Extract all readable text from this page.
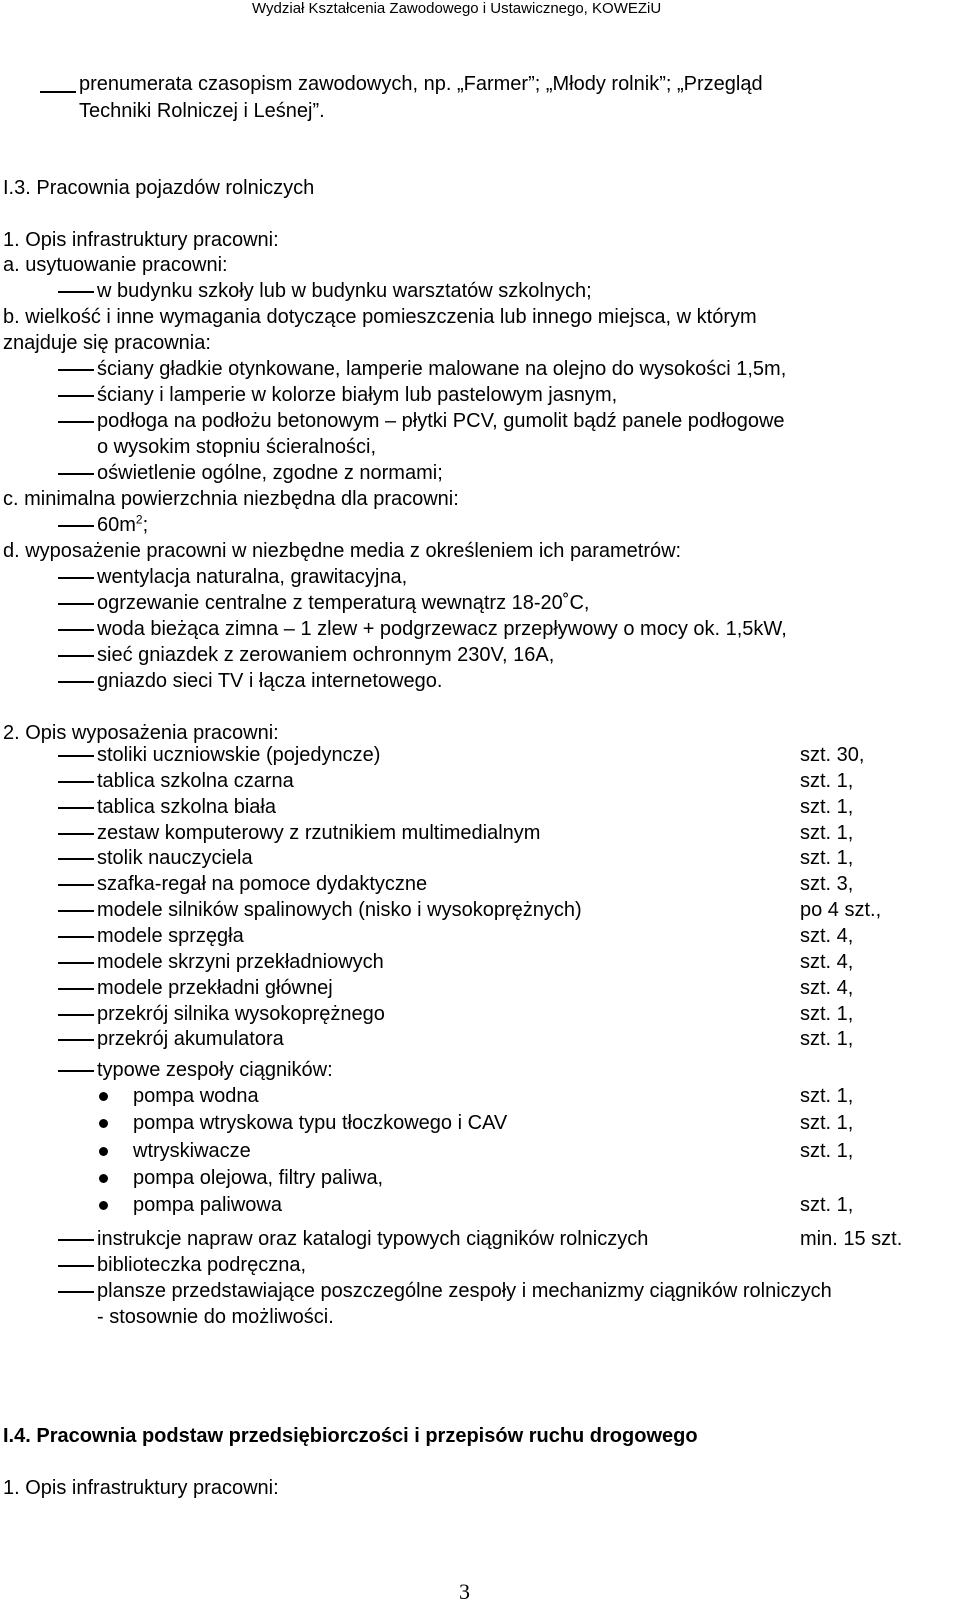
Wydział Kształcenia Zawodowego i Ustawicznego, KOWEZiU
prenumerata czasopism zawodowych, np. „Farmer”; „Młody rolnik”; „Przegląd
Techniki Rolniczej i Leśnej”.
I.3. Pracownia pojazdów rolniczych
1. Opis infrastruktury pracowni:
a. usytuowanie pracowni:
w budynku szkoły lub w budynku warsztatów szkolnych;
b. wielkość i inne wymagania dotyczące pomieszczenia lub innego miejsca, w którym
znajduje się pracownia:
ściany gładkie otynkowane, lamperie malowane na olejno do wysokości 1,5m,
ściany i lamperie w kolorze białym lub pastelowym jasnym,
podłoga na podłożu betonowym – płytki PCV, gumolit bądź panele podłogowe
o wysokim stopniu ścieralności,
oświetlenie ogólne, zgodne z normami;
c. minimalna powierzchnia niezbędna dla pracowni:
$60m^2$;
d. wyposażenie pracowni w niezbędne media z określeniem ich parametrów:
wentylacja naturalna, grawitacyjna,
ogrzewanie centralne z temperaturą wewnątrz 18-20˚C,
woda bieżąca zimna – 1 zlew + podgrzewacz przepływowy o mocy ok. 1,5kW,
sieć gniazdek z zerowaniem ochronnym 230V, 16A,
gniazdo sieci TV i łącza internetowego.
2. Opis wyposażenia pracowni:
stoliki uczniowskie (pojedyncze)	szt. 30,
tablica szkolna czarna	szt. 1,
tablica szkolna biała	szt. 1,
zestaw komputerowy z rzutnikiem multimedialnym	szt. 1,
stolik nauczyciela	szt. 1,
szafka-regał na pomoce dydaktyczne	szt. 3,
modele silników spalinowych (nisko i wysokoprężnych)	po 4 szt.,
modele sprzęgła	szt. 4,
modele skrzyni przekładniowych	szt. 4,
modele przekładni głównej	szt. 4,
przekrój silnika wysokoprężnego	szt. 1,
przekrój akumulatora	szt. 1,
typowe zespoły ciągników:
pompa wodna	szt. 1,
pompa wtryskowa typu tłoczkowego i CAV	szt. 1,
wtryskiwacze	szt. 1,
pompa olejowa, filtry paliwa,
pompa paliwowa	szt. 1,
instrukcje napraw oraz katalogi typowych ciągników rolniczych	min. 15 szt.
biblioteczka podręczna,
plansze przedstawiające poszczególne zespoły i mechanizmy ciągników rolniczych
- stosownie do możliwości.
I.4. Pracownia podstaw przedsiębiorczości i przepisów ruchu drogowego
1. Opis infrastruktury pracowni:
3
